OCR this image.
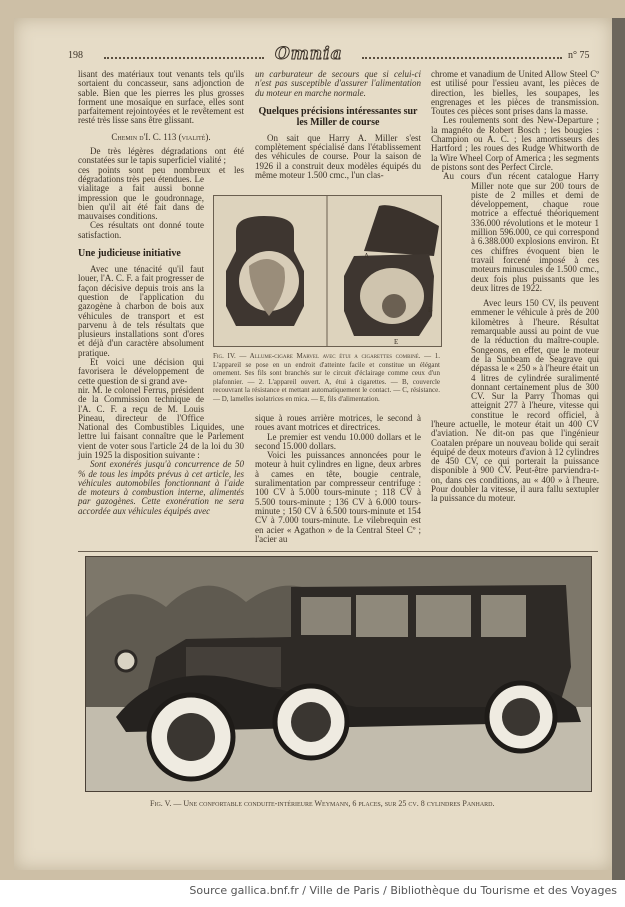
198	Omnia	n° 75

lisant des matériaux tout venants tels qu'ils sortaient du concasseur, sans adjonction de sable. Bien que les pierres les plus grosses forment une mosaïque en surface, elles sont parfaitement rejointoyées et le revêtement est resté très lisse sans être glissant.

Chemin d'I. C. 113 (vialité).

De très légères dégradations ont été constatées sur le tapis superficiel vialité ;

ces points sont peu nombreux et les dégradations très peu étendues. Le vialitage a fait aussi bonne impression que le goudronnage, bien qu'il ait été fait dans de mauvaises conditions.

Ces résultats ont donné toute satisfaction.

Une judicieuse initiative

Avec une ténacité qu'il faut louer, l'A. C. F. a fait progresser de façon décisive depuis trois ans la question de l'application du gazogène à charbon de bois aux véhicules de transport et est parvenu à de tels résultats que plusieurs installations sont d'ores et déjà d'un caractère absolument pratique.

Et voici une décision qui favorisera le développement de cette question de si grand ave-

nir. M. le colonel Ferrus, président de la Commission technique de l'A. C. F. a reçu de M. Louis Pineau, directeur de l'Office National des Combustibles Liquides, une lettre lui faisant connaître que le Parlement vient de voter sous l'article 24 de la loi du 30 juin 1925 la disposition suivante :

Sont exonérés jusqu'à concurrence de 50 % de tous les impôts prévus à cet article, les véhicules automobiles fonctionnant à l'aide de moteurs à combustion interne, alimentés par gazogènes. Cette exonération ne sera accordée aux véhicules équipés avec

un carburateur de secours que si celui-ci n'est pas susceptible d'assurer l'alimentation du moteur en marche normale.

Quelques précisions intéressantes sur les Miller de course

On sait que Harry A. Miller s'est complètement spécialisé dans l'établissement des véhicules de course. Pour la saison de 1926 il a construit deux modèles équipés du même moteur 1.500 cmc., l'un clas-

A
B
E
Fig. IV. — Allume-cigare Marvel avec étui a cigarettes combiné. — 1. L'appareil se pose en un endroit d'atteinte facile et constitue un élégant ornement. Ses fils sont branchés sur le circuit d'éclairage comme ceux d'un plafonnier. — 2. L'appareil ouvert. A, étui à cigarettes. — B, couvercle recouvrant la résistance et mettant automatiquement le contact. — C, résistance. — D, lamelles isolatrices en mica. — E, fils d'alimentation.

sique à roues arrière motrices, le second à roues avant motrices et directrices.

Le premier est vendu 10.000 dollars et le second 15.000 dollars.

Voici les puissances annoncées pour le moteur à huit cylindres en ligne, deux arbres à cames en tête, bougie centrale, suralimentation par compresseur centrifuge : 100 CV à 5.000 tours-minute ; 118 CV à 5.500 tours-minute ; 136 CV à 6.000 tours-minute ; 150 CV à 6.500 tours-minute et 154 CV à 7.000 tours-minute. Le vilebrequin est en acier « Agathon » de la Central Steel Cº ; l'acier au

chrome et vanadium de United Allow Steel Cº est utilisé pour l'essieu avant, les pièces de direction, les bielles, les soupapes, les engrenages et les pièces de transmission. Toutes ces pièces sont prises dans la masse.

Les roulements sont des New-Departure ; la magnéto de Robert Bosch ; les bougies : Champion ou A. C. ; les amortisseurs des Hartford ; les roues des Rudge Whitworth de la Wire Wheel Corp of America ; les segments de pistons sont des Perfect Circle.

Au cours d'un récent catalogue Harry Miller note que sur 200 tours de piste de 2 milles et demi de développement, chaque roue motrice a effectué théoriquement 336.000 révolutions et le moteur 1 million 596.000, ce qui correspond à 6.388.000 explosions environ. Et ces chiffres évoquent bien le travail forcené imposé à ces moteurs minuscules de 1.500 cmc., deux fois plus puissants que les deux litres de 1922.

Avec leurs 150 CV, ils peuvent emmener le véhicule à près de 200 kilomètres à l'heure. Résultat remarquable aussi au point de vue de la réduction du maître-couple. Songeons, en effet, que le moteur de la Sunbeam de Seagrave qui dépassa le « 250 » à l'heure était un

4 litres de cylindrée suralimenté donnant certainement plus de 300 CV. Sur la Parry Thomas qui atteignit 277 à l'heure, vitesse qui constitue le record officiel, à l'heure actuelle, le moteur était un 400 CV d'aviation. Ne dit-on pas que l'ingénieur Coatalen prépare un nouveau bolide qui serait équipé de deux moteurs d'avion à 12 cylindres de 450 CV, ce qui porterait la puissance disponible à 900 CV. Peut-être parviendra-t-on, dans ces conditions, au « 400 » à l'heure. Pour doubler la vitesse, il aura fallu sextupler la puissance du moteur.

Fig. V. — Une confortable conduite-intérieure Weymann, 6 places, sur 25 cv. 8 cylindres Panhard.
Source gallica.bnf.fr / Ville de Paris / Bibliothèque du Tourisme et des Voyages
